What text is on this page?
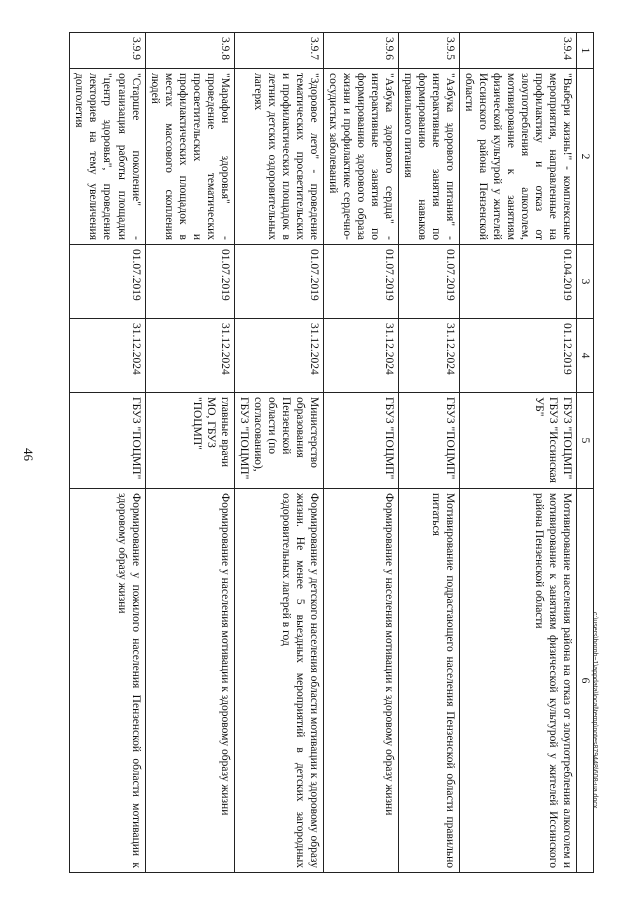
46
1	2	3	4	5	6
3.9.4	"Выбери жизнь!" - комплексные мероприятия, направленные на профилактику и отказ от злоупотребления алкоголем, мотивирование к занятиям физической культурой у жителей Иссинского района Пензенской области	01.04.2019	01.12.2019	ГБУЗ "ПОЦМП" ГБУЗ "Иссинская УБ"	Мотивирование населения района на отказ от злоупотребления алкоголем и мотивирование к занятиям физической культурой у жителей Иссинского района Пензенской области
3.9.5	"Азбука здорового питания" - интерактивные занятия по формированию навыков правильного питания	01.07.2019	31.12.2024	ГБУЗ "ПОЦМП"	Мотивирование подрастающего населения Пензенской области правильно питаться
3.9.6	"Азбука здорового сердца" - интерактивные занятия по формированию здорового образа жизни и профилактике сердечно-сосудистых заболеваний	01.07.2019	31.12.2024	ГБУЗ "ПОЦМП"	Формирование у населения мотивации к здоровому образу жизни
3.9.7	"Здоровое лето" - проведение тематических просветительских и профилактических площадок в летних детских оздоровительных лагерях	01.07.2019	31.12.2024	Министерство образования Пензенской области (по согласованию), ГБУЗ "ПОЦМП"	Формирование у детского населения области мотивации к здоровому образу жизни. Не менее 5 выездных мероприятий в детских загородных оздоровительных лагерей в год
3.9.8	"Марафон здоровья" - проведение тематических просветительских и профилактических площадок в местах массового скопления людей	01.07.2019	31.12.2024	главные врачи МО, ГБУЗ "ПОЦМП"	Формирование у населения мотивации к здоровому образу жизни
3.9.9	"Старшее поколение" - организация работы площадки "центр здоровья", проведение лекториев на тему увеличения долголетия	01.07.2019	31.12.2024	ГБУЗ "ПОЦМП"	Формирование у пожилого населения Пензенской области мотивации к здоровому образу жизни
c:\users\borob~1\appdata\local\temp\notes879448\608-ua.docx
